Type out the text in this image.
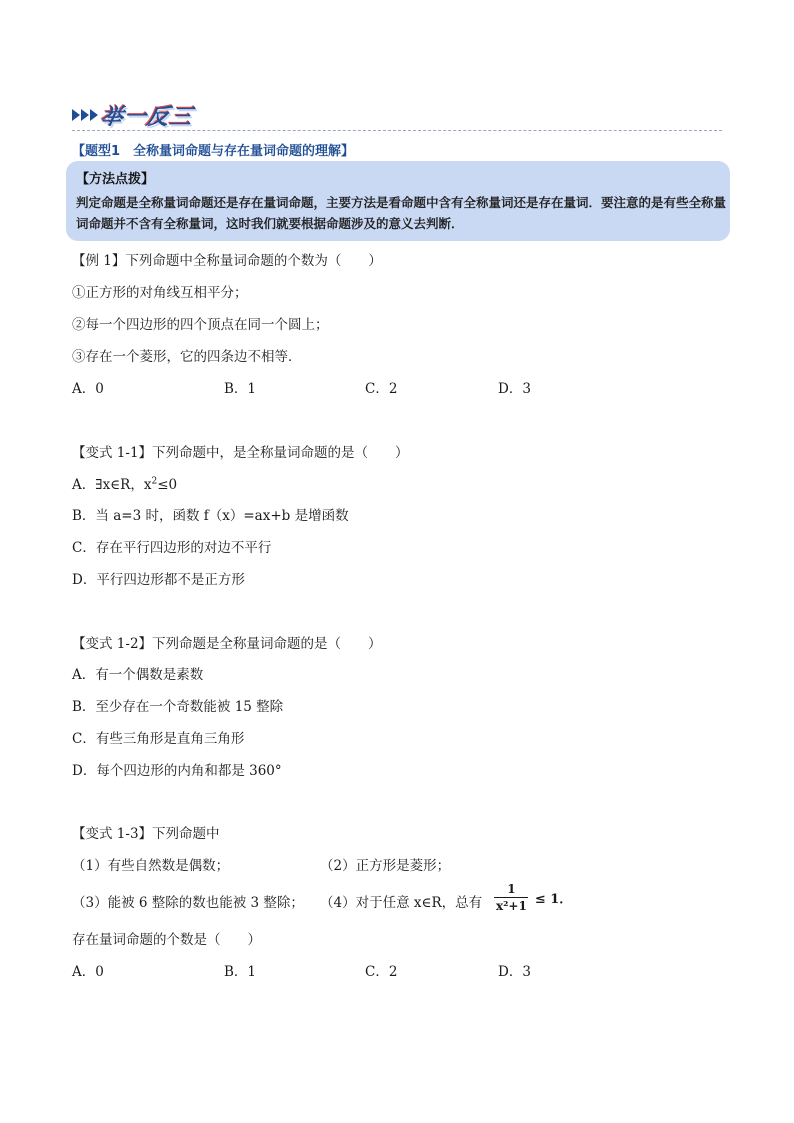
举一反三
【题型1　全称量词命题与存在量词命题的理解】
【方法点拨】
判定命题是全称量词命题还是存在量词命题，主要方法是看命题中含有全称量词还是存在量词．要注意的是有些全称量词命题并不含有全称量词，这时我们就要根据命题涉及的意义去判断．
【例 1】下列命题中全称量词命题的个数为（　　）
①正方形的对角线互相平分；
②每一个四边形的四个顶点在同一个圆上；
③存在一个菱形，它的四条边不相等．
A．0	B．1	C．2	D．3
【变式 1-1】下列命题中，是全称量词命题的是（　　）
A．∃x∈R，$x^2\le 0$
B．当 a=3 时，函数 f（x）=ax+b 是增函数
C．存在平行四边形的对边不平行
D．平行四边形都不是正方形
【变式 1-2】下列命题是全称量词命题的是（　　）
A．有一个偶数是素数
B．至少存在一个奇数能被 15 整除
C．有些三角形是直角三角形
D．每个四边形的内角和都是 360°
【变式 1-3】下列命题中
（1）有些自然数是偶数；	（2）正方形是菱形；
（3）能被 6 整除的数也能被 3 整除； （4）对于任意 x∈R，总有 $\frac{1}{\text{x²+1}} \le 1$．
存在量词命题的个数是（　　）
A．0	B．1	C．2	D．3
